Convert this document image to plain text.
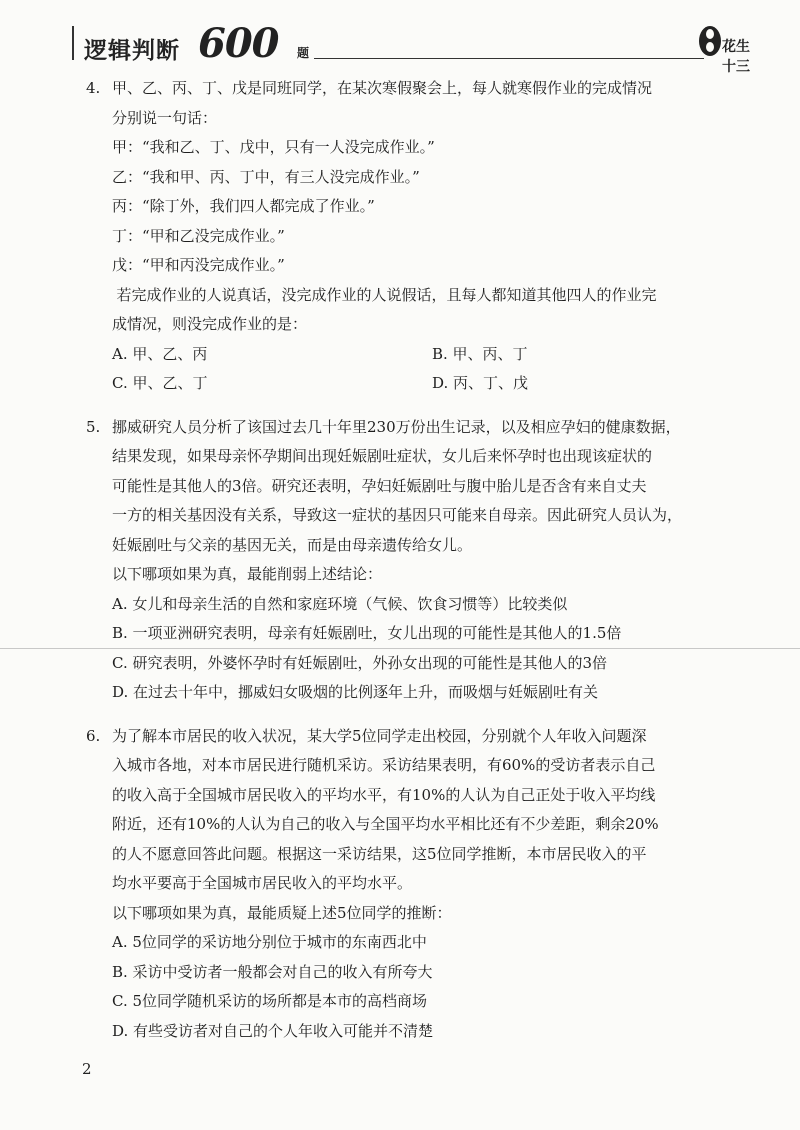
逻辑判断 600 题	花生十三
4. 甲、乙、丙、丁、戊是同班同学，在某次寒假聚会上，每人就寒假作业的完成情况

分别说一句话：

甲：“我和乙、丁、戊中，只有一人没完成作业。”

乙：“我和甲、丙、丁中，有三人没完成作业。”

丙：“除丁外，我们四人都完成了作业。”

丁：“甲和乙没完成作业。”

戊：“甲和丙没完成作业。”

若完成作业的人说真话，没完成作业的人说假话，且每人都知道其他四人的作业完

成情况，则没完成作业的是：

A. 甲、乙、丙	B. 甲、丙、丁

C. 甲、乙、丁	D. 丙、丁、戊

5. 挪威研究人员分析了该国过去几十年里230万份出生记录，以及相应孕妇的健康数据，

结果发现，如果母亲怀孕期间出现妊娠剧吐症状，女儿后来怀孕时也出现该症状的

可能性是其他人的3倍。研究还表明，孕妇妊娠剧吐与腹中胎儿是否含有来自丈夫

一方的相关基因没有关系，导致这一症状的基因只可能来自母亲。因此研究人员认为，

妊娠剧吐与父亲的基因无关，而是由母亲遗传给女儿。

以下哪项如果为真，最能削弱上述结论：

A. 女儿和母亲生活的自然和家庭环境（气候、饮食习惯等）比较类似

B. 一项亚洲研究表明，母亲有妊娠剧吐，女儿出现的可能性是其他人的1.5倍

C. 研究表明，外婆怀孕时有妊娠剧吐，外孙女出现的可能性是其他人的3倍

D. 在过去十年中，挪威妇女吸烟的比例逐年上升，而吸烟与妊娠剧吐有关

6. 为了解本市居民的收入状况，某大学5位同学走出校园，分别就个人年收入问题深

入城市各地，对本市居民进行随机采访。采访结果表明，有60%的受访者表示自己

的收入高于全国城市居民收入的平均水平，有10%的人认为自己正处于收入平均线

附近，还有10%的人认为自己的收入与全国平均水平相比还有不少差距，剩余20%

的人不愿意回答此问题。根据这一采访结果，这5位同学推断，本市居民收入的平

均水平要高于全国城市居民收入的平均水平。

以下哪项如果为真，最能质疑上述5位同学的推断：

A. 5位同学的采访地分别位于城市的东南西北中

B. 采访中受访者一般都会对自己的收入有所夸大

C. 5位同学随机采访的场所都是本市的高档商场

D. 有些受访者对自己的个人年收入可能并不清楚

2
